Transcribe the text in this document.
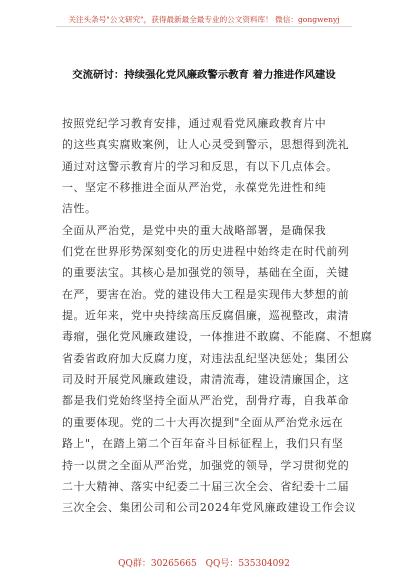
关注头条号"公文研究"，获得最新最全最专业的公文资料库！ 微信：gongwenyj
交流研讨：持续强化党风廉政警示教育 着力推进作风建设
按照党纪学习教育安排，通过观看党风廉政教育片中
的这些真实腐败案例，让人心灵受到警示，思想得到洗礼
通过对这警示教育片的学习和反思，有以下几点体会。
一、坚定不移推进全面从严治党，永葆党先进性和纯
洁性。
全面从严治党，是党中央的重大战略部署，是确保我
们党在世界形势深刻变化的历史进程中始终走在时代前列
的重要法宝。其核心是加强党的领导，基础在全面，关键
在严，要害在治。党的建设伟大工程是实现伟大梦想的前
提。近年来，党中央持续高压反腐倡廉，巡视整改，肃清
毒瘤，强化党风廉政建设，一体推进不敢腐、不能腐、不想腐
省委省政府加大反腐力度，对违法乱纪坚决惩处；集团公
司及时开展党风廉政建设，肃清流毒，建设清廉国企，这
都是我们党始终坚持全面从严治党，刮骨疗毒，自我革命
的重要体现。党的二十大再次提到"全面从严治党永远在
路上"，在踏上第二个百年奋斗目标征程上，我们只有坚
持一以贯之全面从严治党，加强党的领导，学习贯彻党的
二十大精神、落实中纪委二十届三次全会、省纪委十二届
三次全会、集团公司和公司2024年党风廉政建设工作会议
QQ群：30265665 QQ号：535304092
